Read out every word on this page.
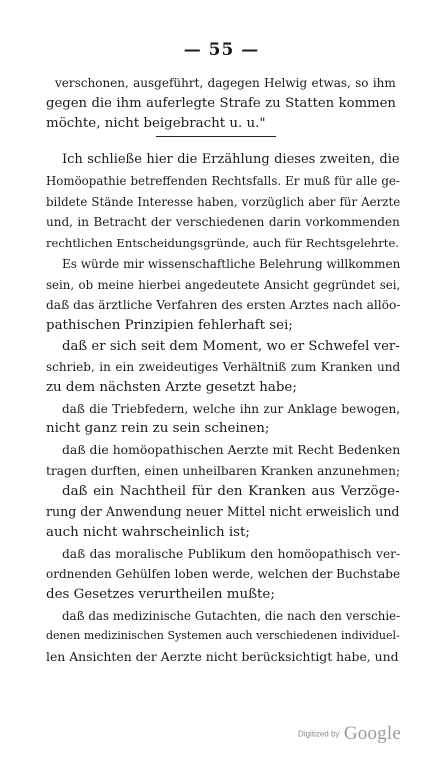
— 55 —
verschonen, ausgeführt, dagegen Helwig etwas, so ihm
gegen die ihm auferlegte Strafe zu Statten kommen
möchte, nicht beigebracht u. u."
Ich schließe hier die Erzählung dieses zweiten, die
Homöopathie betreffenden Rechtsfalls. Er muß für alle ge-
bildete Stände Interesse haben, vorzüglich aber für Aerzte
und, in Betracht der verschiedenen darin vorkommenden
rechtlichen Entscheidungsgründe, auch für Rechtsgelehrte.
Es würde mir wissenschaftliche Belehrung willkommen
sein, ob meine hierbei angedeutete Ansicht gegründet sei,
daß das ärztliche Verfahren des ersten Arztes nach allöo-
pathischen Prinzipien fehlerhaft sei;
daß er sich seit dem Moment, wo er Schwefel ver-
schrieb, in ein zweideutiges Verhältniß zum Kranken und
zu dem nächsten Arzte gesetzt habe;
daß die Triebfedern, welche ihn zur Anklage bewogen,
nicht ganz rein zu sein scheinen;
daß die homöopathischen Aerzte mit Recht Bedenken
tragen durften, einen unheilbaren Kranken anzunehmen;
daß ein Nachtheil für den Kranken aus Verzöge-
rung der Anwendung neuer Mittel nicht erweislich und
auch nicht wahrscheinlich ist;
daß das moralische Publikum den homöopathisch ver-
ordnenden Gehülfen loben werde, welchen der Buchstabe
des Gesetzes verurtheilen mußte;
daß das medizinische Gutachten, die nach den verschie-
denen medizinischen Systemen auch verschiedenen individuel-
len Ansichten der Aerzte nicht berücksichtigt habe, und
Digitized by Google
